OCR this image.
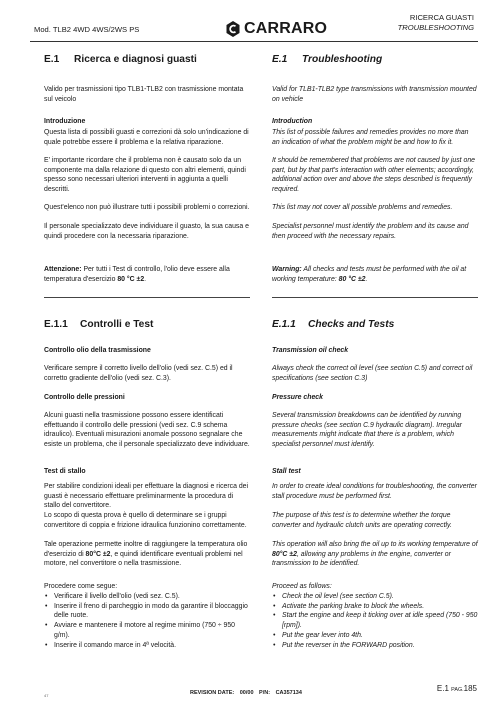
Mod. TLB2 4WD 4WS/2WS PS	CARRARO
RICERCA GUASTI
TROUBLESHOOTING
E.1 Ricerca e diagnosi guasti
Valido per trasmissioni tipo TLB1-TLB2 con trasmissione montata sul veicolo
Introduzione
Questa lista di possibili guasti e correzioni dà solo un'indicazione di quale potrebbe essere il problema e la relativa riparazione.
E' importante ricordare che il problema non è causato solo da un componente ma dalla relazione di questo con altri elementi, quindi spesso sono necessari ulteriori interventi in aggiunta a quelli descritti.
Quest'elenco non può illustrare tutti i possibili problemi o correzioni.
Il personale specializzato deve individuare il guasto, la sua causa e quindi procedere con la necessaria riparazione.
Attenzione: Per tutti i Test di controllo, l'olio deve essere alla temperatura d'esercizio 80 °C ±2.
E.1.1 Controlli e Test
Controllo olio della trasmissione
Verificare sempre il corretto livello dell'olio (vedi sez. C.5) ed il corretto gradiente dell'olio (vedi sez. C.3).
Controllo delle pressioni
Alcuni guasti nella trasmissione possono essere identificati effettuando il controllo delle pressioni (vedi sez. C.9 schema idraulico). Eventuali misurazioni anomale possono segnalare che esiste un problema, che il personale specializzato deve individuare.
Test di stallo
Per stabilire condizioni ideali per effettuare la diagnosi e ricerca dei guasti è necessario effettuare preliminarmente la procedura di stallo del convertitore.
Lo scopo di questa prova è quello di determinare se i gruppi convertitore di coppia e frizione idraulica funzionino correttamente.
Tale operazione permette inoltre di raggiungere la temperatura olio d'esercizio di 80°C ±2, e quindi identificare eventuali problemi nel motore, nel convertitore o nella trasmissione.
Procedere come segue:
• Verificare il livello dell'olio (vedi sez. C.5).
• Inserire il freno di parcheggio in modo da garantire il bloccaggio delle ruote.
• Avviare e mantenere il motore al regime minimo (750 ÷ 950 g/m).
• Inserire il comando marce in 4ª velocità.
E.1 Troubleshooting
Valid for TLB1-TLB2 type transmissions with transmission mounted on vehicle
Introduction
This list of possible failures and remedies provides no more than an indication of what the problem might be and how to fix it.
It should be remembered that problems are not caused by just one part, but by that part's interaction with other elements; accordingly, additional action over and above the steps described is frequently required.
This list may not cover all possible problems and remedies.
Specialist personnel must identify the problem and its cause and then proceed with the necessary repairs.
Warning: All checks and tests must be performed with the oil at working temperature: 80 °C ±2.
E.1.1 Checks and Tests
Transmission oil check
Always check the correct oil level (see section C.5) and correct oil specifications (see section C.3)
Pressure check
Several transmission breakdowns can be identified by running pressure checks (see section C.9 hydraulic diagram). Irregular measurements might indicate that there is a problem, which specialist personnel must identify.
Stall test
In order to create ideal conditions for troubleshooting, the converter stall procedure must be performed first.
The purpose of this test is to determine whether the torque converter and hydraulic clutch units are operating correctly.
This operation will also bring the oil up to its working temperature of 80°C ±2, allowing any problems in the engine, converter or transmission to be identified.
Proceed as follows:
• Check the oil level (see section C.5).
• Activate the parking brake to block the wheels.
• Start the engine and keep it ticking over at idle speed (750 - 950 [rpm]).
• Put the gear lever into 4th.
• Put the reverser in the FORWARD position.
47	REVISION DATE: 00/00 P/N: CA357134	E.1 PAG.185
